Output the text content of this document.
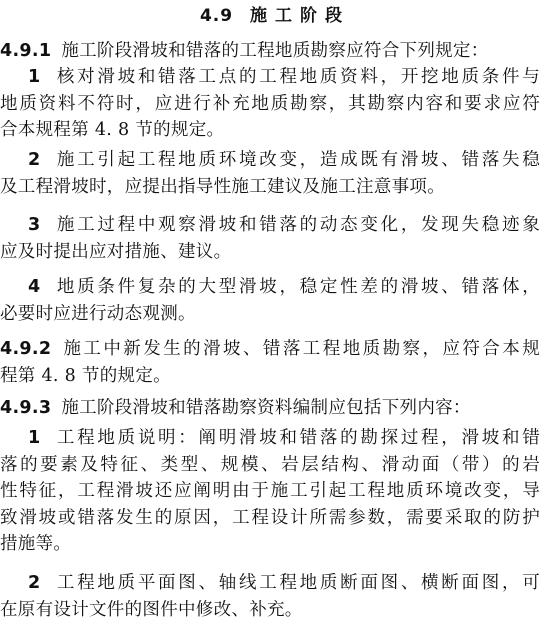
4.9 施工阶段
4.9.1 施工阶段滑坡和错落的工程地质勘察应符合下列规定：
1 核对滑坡和错落工点的工程地质资料，开挖地质条件与
地质资料不符时，应进行补充地质勘察，其勘察内容和要求应符
合本规程第 4. 8 节的规定。
2 施工引起工程地质环境改变，造成既有滑坡、错落失稳
及工程滑坡时，应提出指导性施工建议及施工注意事项。
3 施工过程中观察滑坡和错落的动态变化，发现失稳迹象
应及时提出应对措施、建议。
4 地质条件复杂的大型滑坡，稳定性差的滑坡、错落体，
必要时应进行动态观测。
4.9.2 施工中新发生的滑坡、错落工程地质勘察，应符合本规
程第 4. 8 节的规定。
4.9.3 施工阶段滑坡和错落勘察资料编制应包括下列内容：
1 工程地质说明：阐明滑坡和错落的勘探过程，滑坡和错
落的要素及特征、类型、规模、岩层结构、滑动面（带）的岩
性特征，工程滑坡还应阐明由于施工引起工程地质环境改变，导
致滑坡或错落发生的原因，工程设计所需参数，需要采取的防护
措施等。
2 工程地质平面图、轴线工程地质断面图、横断面图，可
在原有设计文件的图件中修改、补充。
